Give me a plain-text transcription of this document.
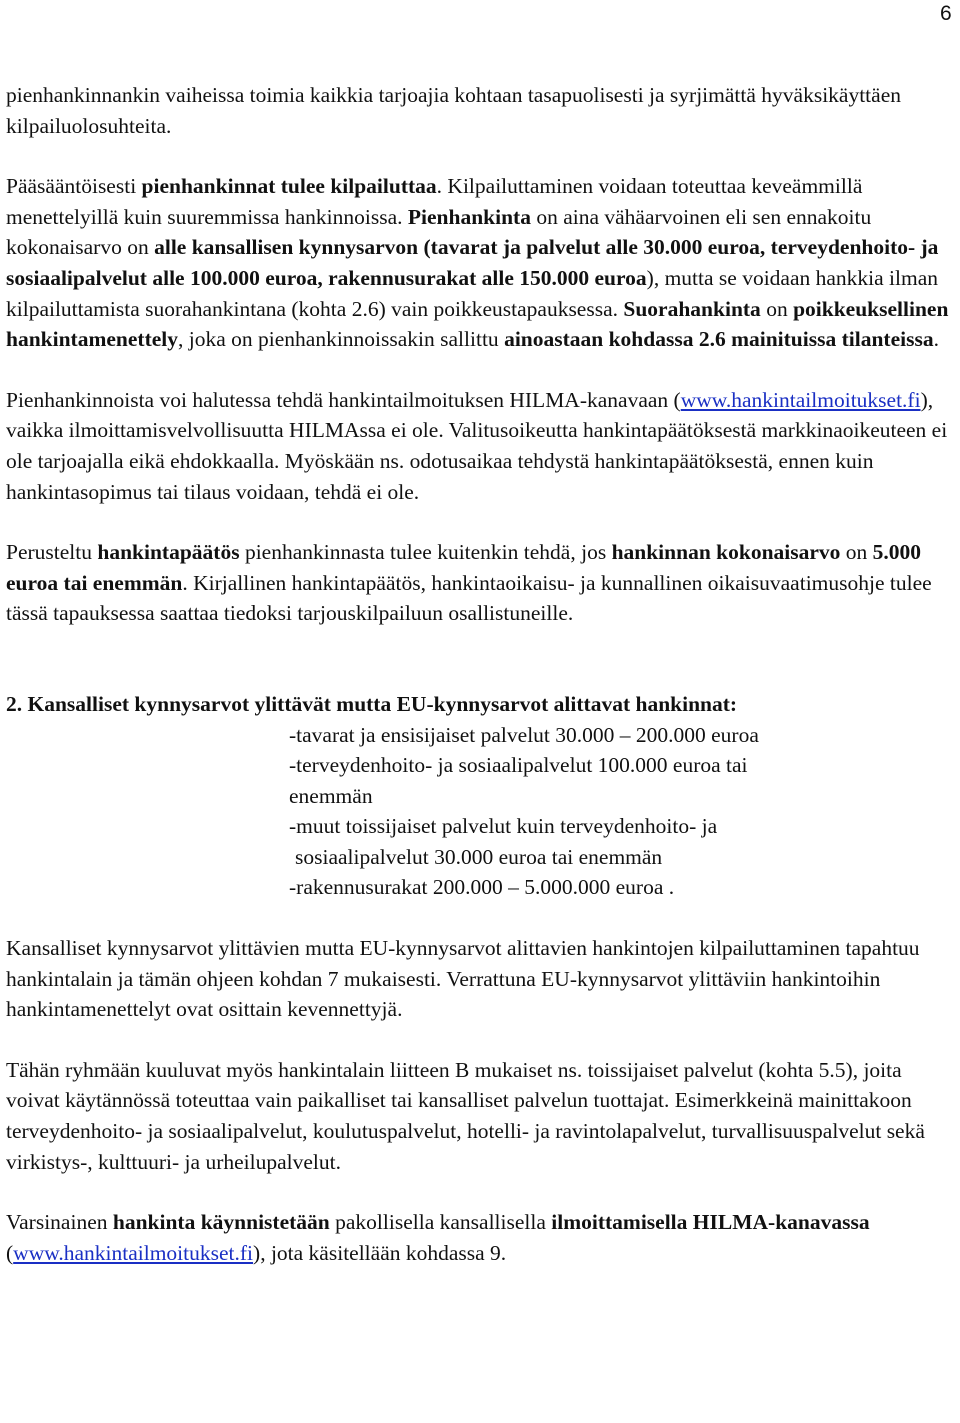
6

pienhankinnankin vaiheissa toimia kaikkia tarjoajia kohtaan tasapuolisesti ja syrjimättä hyväksikäyttäen kilpailuolosuhteita.

Pääsääntöisesti pienhankinnat tulee kilpailuttaa. Kilpailuttaminen voidaan toteuttaa keveämmillä menettelyillä kuin suuremmissa hankinnoissa. Pienhankinta on aina vähäarvoinen eli sen ennakoitu kokonaisarvo on alle kansallisen kynnysarvon (tavarat ja palvelut alle 30.000 euroa, terveydenhoito- ja sosiaalipalvelut alle 100.000 euroa, rakennusurakat alle 150.000 euroa), mutta se voidaan hankkia ilman kilpailuttamista suorahankintana (kohta 2.6) vain poikkeustapauksessa. Suorahankinta on poikkeuksellinen hankintamenettely, joka on pienhankinnoissakin sallittu ainoastaan kohdassa 2.6 mainituissa tilanteissa.

Pienhankinnoista voi halutessa tehdä hankintailmoituksen HILMA-kanavaan (www.hankintailmoitukset.fi), vaikka ilmoittamisvelvollisuutta HILMAssa ei ole. Valitusoikeutta hankintapäätöksestä markkinaoikeuteen ei ole tarjoajalla eikä ehdokkaalla. Myöskään ns. odotusaikaa tehdystä hankintapäätöksestä, ennen kuin hankintasopimus tai tilaus voidaan, tehdä ei ole.

Perusteltu hankintapäätös pienhankinnasta tulee kuitenkin tehdä, jos hankinnan kokonaisarvo on 5.000 euroa tai enemmän. Kirjallinen hankintapäätös, hankintaoikaisu- ja kunnallinen oikaisuvaatimusohje tulee tässä tapauksessa saattaa tiedoksi tarjouskilpailuun osallistuneille.

2. Kansalliset kynnysarvot ylittävät mutta EU-kynnysarvot alittavat hankinnat:

-tavarat ja ensisijaiset palvelut 30.000 – 200.000 euroa
-terveydenhoito- ja sosiaalipalvelut 100.000 euroa tai
enemmän
-muut toissijaiset palvelut kuin terveydenhoito- ja
sosiaalipalvelut 30.000 euroa tai enemmän
-rakennusurakat 200.000 – 5.000.000 euroa .

Kansalliset kynnysarvot ylittävien mutta EU-kynnysarvot alittavien hankintojen kilpailuttaminen tapahtuu hankintalain ja tämän ohjeen kohdan 7 mukaisesti. Verrattuna EU-kynnysarvot ylittäviin hankintoihin hankintamenettelyt ovat osittain kevennettyjä.

Tähän ryhmään kuuluvat myös hankintalain liitteen B mukaiset ns. toissijaiset palvelut (kohta 5.5), joita voivat käytännössä toteuttaa vain paikalliset tai kansalliset palvelun tuottajat. Esimerkkeinä mainittakoon terveydenhoito- ja sosiaalipalvelut, koulutuspalvelut, hotelli- ja ravintolapalvelut, turvallisuuspalvelut sekä virkistys-, kulttuuri- ja urheilupalvelut.

Varsinainen hankinta käynnistetään pakollisella kansallisella ilmoittamisella HILMA-kanavassa (www.hankintailmoitukset.fi), jota käsitellään kohdassa 9.
